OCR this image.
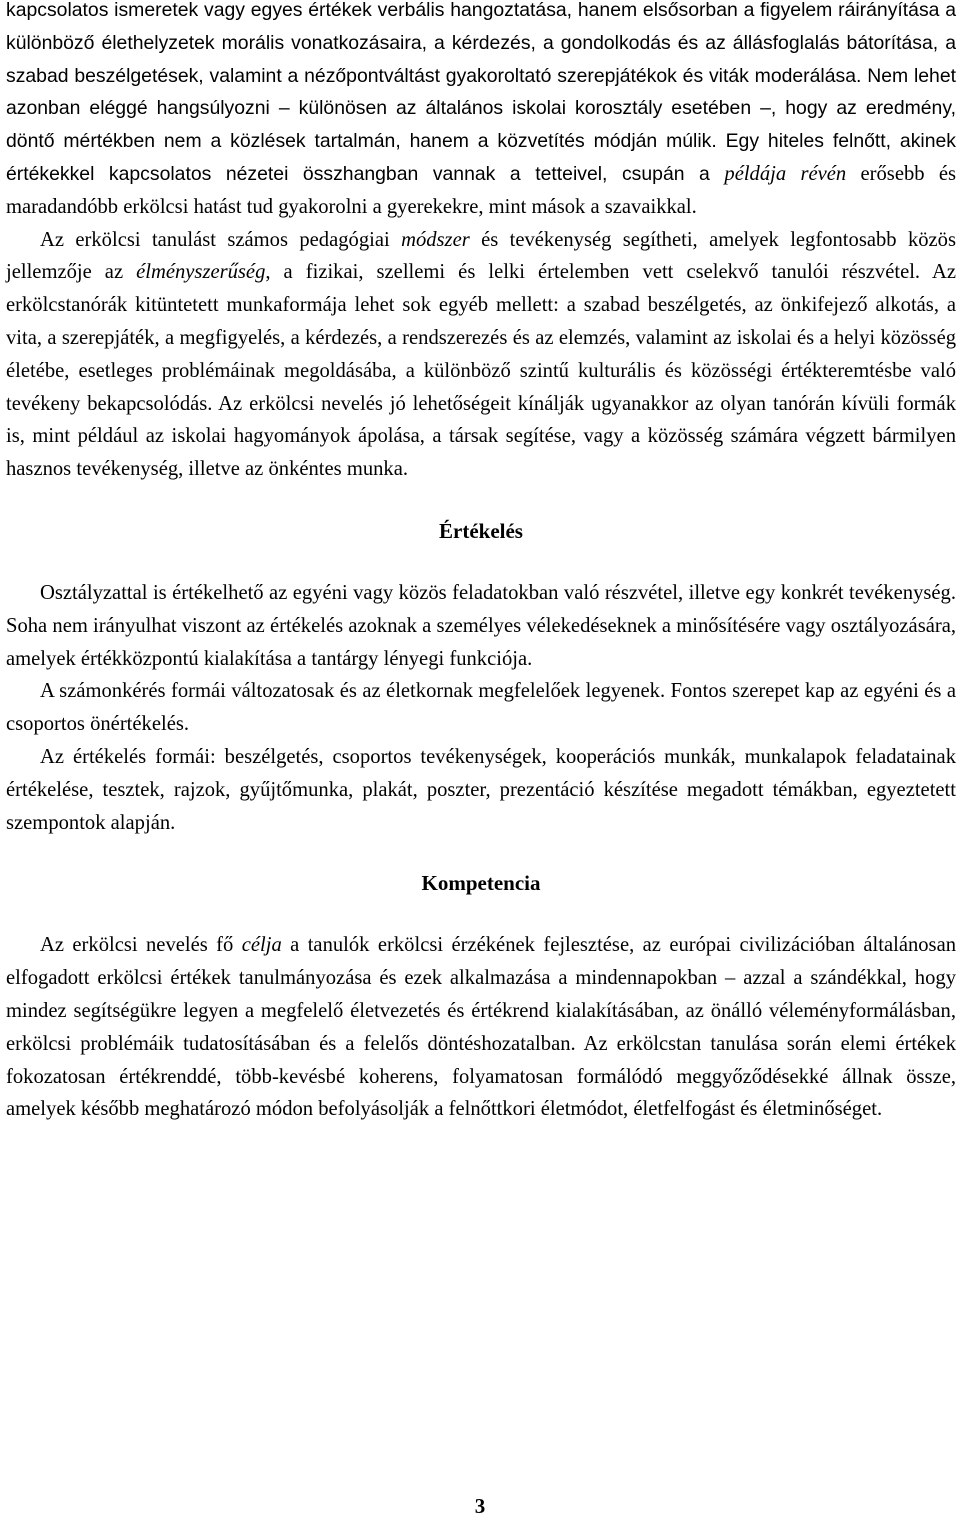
kapcsolatos ismeretek vagy egyes értékek verbális hangoztatása, hanem elsősorban a figyelem ráirányítása a különböző élethelyzetek morális vonatkozásaira, a kérdezés, a gondolkodás és az állásfoglalás bátorítása, a szabad beszélgetések, valamint a nézőpontváltást gyakoroltató szerepjátékok és viták moderálása. Nem lehet azonban eléggé hangsúlyozni – különösen az általános iskolai korosztály esetében –, hogy az eredmény, döntő mértékben nem a közlések tartalmán, hanem a közvetítés módján múlik. Egy hiteles felnőtt, akinek értékekkel kapcsolatos nézetei összhangban vannak a tetteivel, csupán a példája révén erősebb és maradandóbb erkölcsi hatást tud gyakorolni a gyerekekre, mint mások a szavaikkal.

Az erkölcsi tanulást számos pedagógiai módszer és tevékenység segítheti, amelyek legfontosabb közös jellemzője az élményszerűség, a fizikai, szellemi és lelki értelemben vett cselekvő tanulói részvétel. Az erkölcstanórák kitüntetett munkaformája lehet sok egyéb mellett: a szabad beszélgetés, az önkifejező alkotás, a vita, a szerepjáték, a megfigyelés, a kérdezés, a rendszerezés és az elemzés, valamint az iskolai és a helyi közösség életébe, esetleges problémáinak megoldásába, a különböző szintű kulturális és közösségi értékteremtésbe való tevékeny bekapcsolódás. Az erkölcsi nevelés jó lehetőségeit kínálják ugyanakkor az olyan tanórán kívüli formák is, mint például az iskolai hagyományok ápolása, a társak segítése, vagy a közösség számára végzett bármilyen hasznos tevékenység, illetve az önkéntes munka.

Értékelés

Osztályzattal is értékelhető az egyéni vagy közös feladatokban való részvétel, illetve egy konkrét tevékenység. Soha nem irányulhat viszont az értékelés azoknak a személyes vélekedéseknek a minősítésére vagy osztályozására, amelyek értékközpontú kialakítása a tantárgy lényegi funkciója.

A számonkérés formái változatosak és az életkornak megfelelőek legyenek. Fontos szerepet kap az egyéni és a csoportos önértékelés.

Az értékelés formái: beszélgetés, csoportos tevékenységek, kooperációs munkák, munkalapok feladatainak értékelése, tesztek, rajzok, gyűjtőmunka, plakát, poszter, prezentáció készítése megadott témákban, egyeztetett szempontok alapján.

Kompetencia

Az erkölcsi nevelés fő célja a tanulók erkölcsi érzékének fejlesztése, az európai civilizációban általánosan elfogadott erkölcsi értékek tanulmányozása és ezek alkalmazása a mindennapokban – azzal a szándékkal, hogy mindez segítségükre legyen a megfelelő életvezetés és értékrend kialakításában, az önálló véleményformálásban, erkölcsi problémáik tudatosításában és a felelős döntéshozatalban. Az erkölcstan tanulása során elemi értékek fokozatosan értékrenddé, több-kevésbé koherens, folyamatosan formálódó meggyőződésekké állnak össze, amelyek később meghatározó módon befolyásolják a felnőttkori életmódot, életfelfogást és életminőséget.

3
